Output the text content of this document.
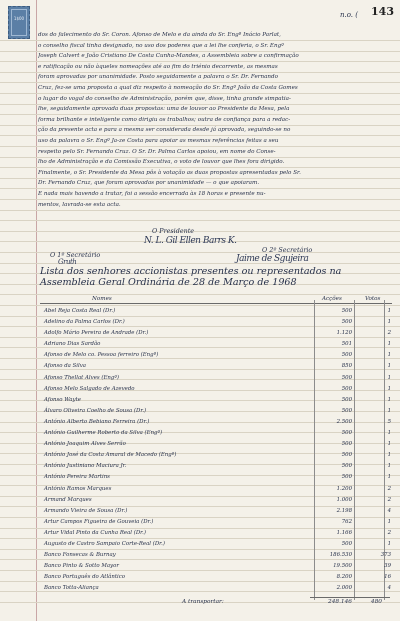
1$00	n.o. ( 143
dos do falecimento do Sr. Coron. Afonso de Melo e da ainda do Sr. Engº Inácio Parlat,
o conselho fiscal tinha designado, no uso dos poderes que a lei lhe conferia, o Sr. Engº
Joseph Calvert e João Cristiano De Costa Cunha-Mandes, a Assembleia sobre a confirmação
e ratificação ou não àqueles nomeações até ao fim do triénio decorrente, as mesmas
foram aprovadas por unanimidade. Posto seguidamente a palavra o Sr. Dr. Fernando
Cruz, fez-se uma proposta a qual diz respeito à nomeação do Sr. Engº João da Costa Gomes
o lugar do vogal do conselho de Administração, porém que, disse, tinha grande simpatia-
lhe, seguidamente aprovada duas propostas: uma de louvor ao Presidente da Mesa, pela
forma brilhante e inteligente como dirigiu os trabalhos; outra de confiança para a redac-
ção da presente acta e para a mesma ser considerada desde já aprovada, seguindo-se no
uso da palavra o Sr. Engº Ja-ze Costa para apoiar as mesmas referências feitas a seu
respeito pelo Sr. Fernando Cruz. O Sr. Dr. Palma Carlos apoiou, em nome do Conse-
lho de Administração e da Comissão Executiva, o voto de louvor que lhes fora dirigido.
Finalmente, o Sr. Presidente da Mesa pôs à votação as duas propostas apresentadas pelo Sr.
Dr. Fernando Cruz, que foram aprovadas por unanimidade — o que apoiaram.
E nada mais havendo a tratar, foi a sessão encerrada às 18 horas e presente nu-
mentos, lavrada-se esta acta.
O Presidente
N. L. Gil Ellen Barrs K.
O 1º Secretário
Gruth
O 2º Secretário
Jaime de Sgujeira
Lista dos senhores accionistas presentes ou representados na Assembleia Geral Ordinária de 28 de Março de 1968
Nomes	Acções	Votos
Abel Reja Costa Real (Dr.)	500	1
Adelino da Palma Carlos (Dr.)	500	1
Adolfo Mário Pereira de Andrade (Dr.)	1.120	2
Adriano Dias Sardão	501	1
Afonso de Melo co. Pessoa ferreiro (Engº)	500	1
Afonso da Silva	850	1
Afonso Thellat Alves (Engº)	500	1
Afonso Melo Salgado de Azevedo	500	1
Afonso Wayte	500	1
Álvaro Oliveira Coelho de Sousa (Dr.)	500	1
António Alberto Bebiano Ferreira (Dr.)	2.500	5
António Guilherme Roberto da Silva (Engº)	500	1
António Joaquim Alves Serrão	500	1
António José da Costa Amaral de Macedo (Engº)	500	1
António Justiniano Maciura Jr.	500	1
António Pereira Martins	500	1
António Ramos Marques	1.200	2
Armand Marques	1.000	2
Armando Vieira de Sousa (Dr.)	2.198	4
Artur Campos Figueira de Gouveia (Dr.)	762	1
Artur Vidal Pinto da Cunha Real (Dr.)	1.166	2
Augusto de Castro Sampaio Corte-Real (Dr.)	500	1
Banco Fonsecas & Burnay	186.530	373
Banco Pinto & Sotto Mayor	19.500	39
Banco Português do Atlântico	8.200	16
Banco Totta-Aliança	2.000	4
A transportar:	248.146	480
